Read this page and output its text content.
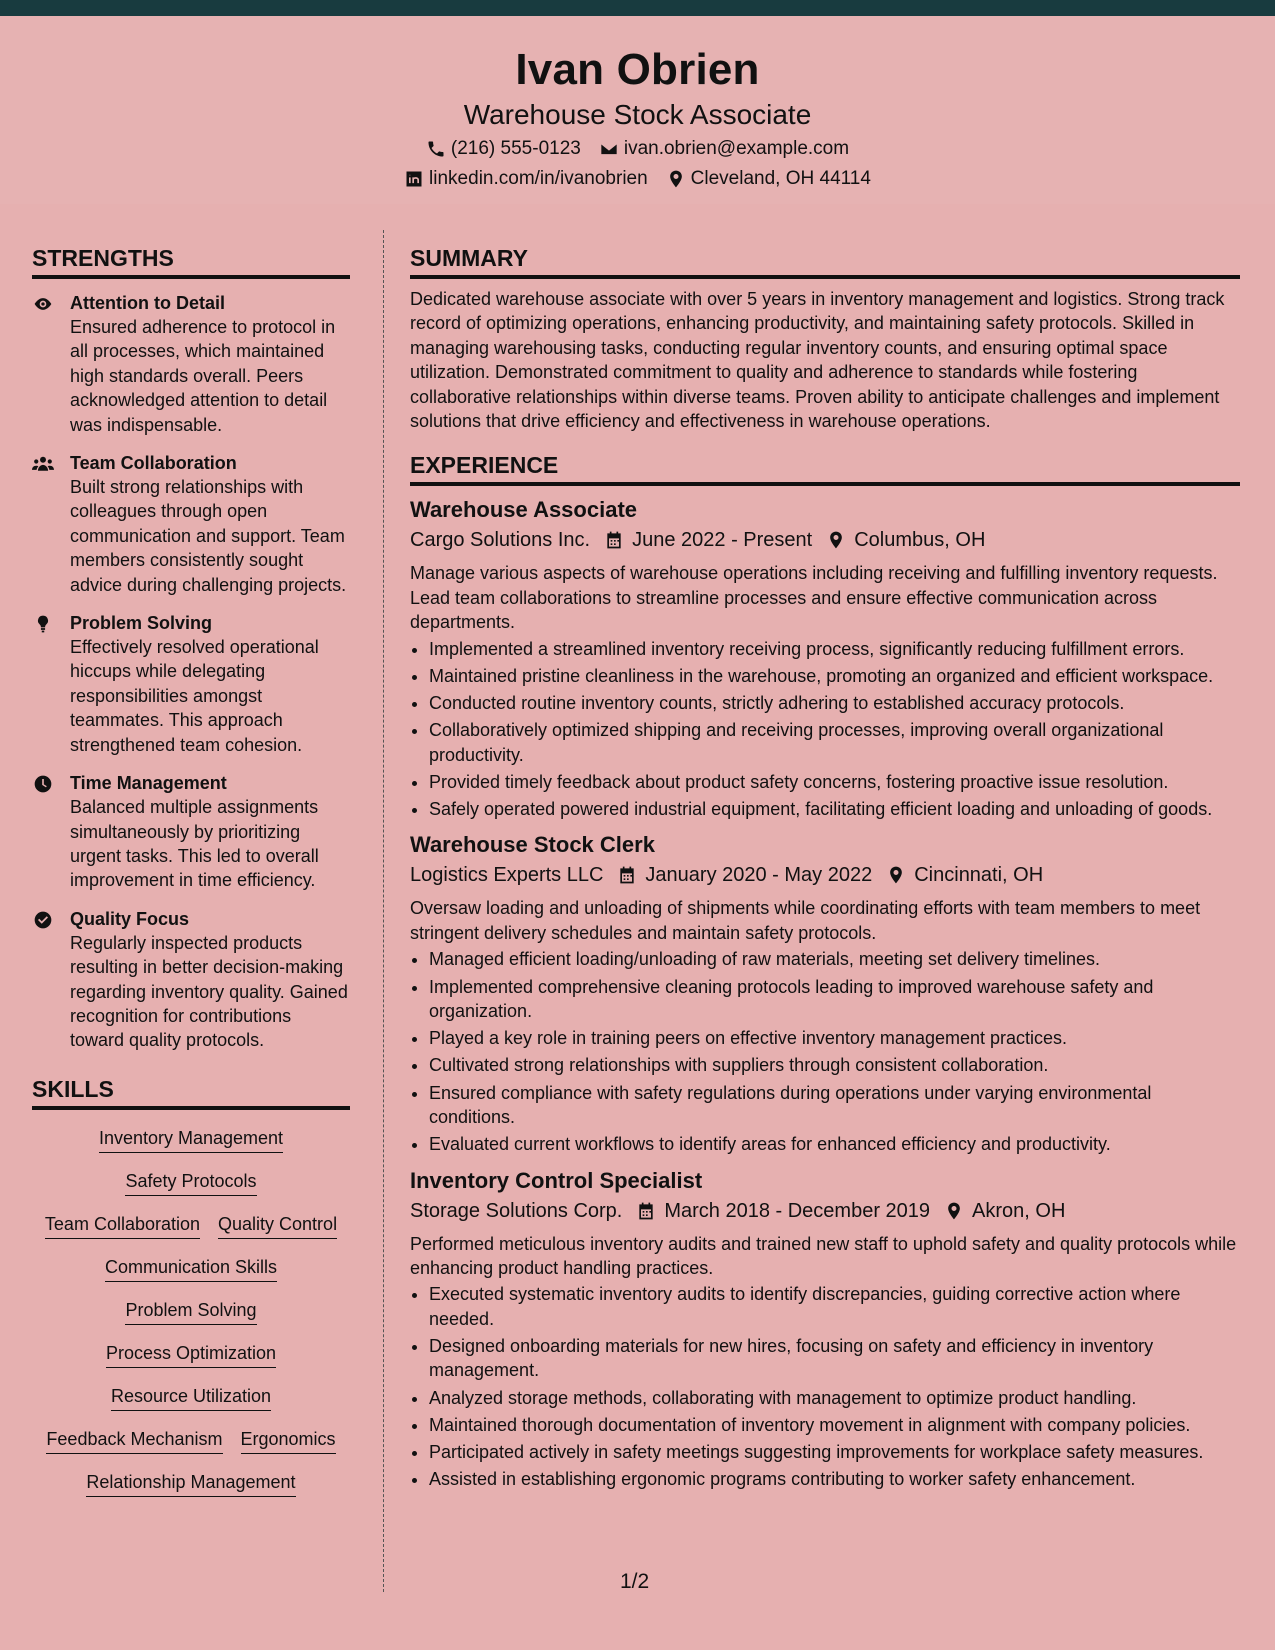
Ivan Obrien
Warehouse Stock Associate
(216) 555-0123 ivan.obrien@example.com
linkedin.com/in/ivanobrien Cleveland, OH 44114
STRENGTHS
Attention to Detail
Ensured adherence to protocol in all processes, which maintained high standards overall. Peers acknowledged attention to detail was indispensable.
Team Collaboration
Built strong relationships with colleagues through open communication and support. Team members consistently sought advice during challenging projects.
Problem Solving
Effectively resolved operational hiccups while delegating responsibilities amongst teammates. This approach strengthened team cohesion.
Time Management
Balanced multiple assignments simultaneously by prioritizing urgent tasks. This led to overall improvement in time efficiency.
Quality Focus
Regularly inspected products resulting in better decision-making regarding inventory quality. Gained recognition for contributions toward quality protocols.
SKILLS
Inventory Management
Safety Protocols
Team Collaboration Quality Control
Communication Skills
Problem Solving
Process Optimization
Resource Utilization
Feedback Mechanism Ergonomics
Relationship Management
SUMMARY
Dedicated warehouse associate with over 5 years in inventory management and logistics. Strong track record of optimizing operations, enhancing productivity, and maintaining safety protocols. Skilled in managing warehousing tasks, conducting regular inventory counts, and ensuring optimal space utilization. Demonstrated commitment to quality and adherence to standards while fostering collaborative relationships within diverse teams. Proven ability to anticipate challenges and implement solutions that drive efficiency and effectiveness in warehouse operations.
EXPERIENCE
Warehouse Associate
Cargo Solutions Inc. June 2022 - Present Columbus, OH
Manage various aspects of warehouse operations including receiving and fulfilling inventory requests. Lead team collaborations to streamline processes and ensure effective communication across departments.
• Implemented a streamlined inventory receiving process, significantly reducing fulfillment errors.
• Maintained pristine cleanliness in the warehouse, promoting an organized and efficient workspace.
• Conducted routine inventory counts, strictly adhering to established accuracy protocols.
• Collaboratively optimized shipping and receiving processes, improving overall organizational productivity.
• Provided timely feedback about product safety concerns, fostering proactive issue resolution.
• Safely operated powered industrial equipment, facilitating efficient loading and unloading of goods.
Warehouse Stock Clerk
Logistics Experts LLC January 2020 - May 2022 Cincinnati, OH
Oversaw loading and unloading of shipments while coordinating efforts with team members to meet stringent delivery schedules and maintain safety protocols.
• Managed efficient loading/unloading of raw materials, meeting set delivery timelines.
• Implemented comprehensive cleaning protocols leading to improved warehouse safety and organization.
• Played a key role in training peers on effective inventory management practices.
• Cultivated strong relationships with suppliers through consistent collaboration.
• Ensured compliance with safety regulations during operations under varying environmental conditions.
• Evaluated current workflows to identify areas for enhanced efficiency and productivity.
Inventory Control Specialist
Storage Solutions Corp. March 2018 - December 2019 Akron, OH
Performed meticulous inventory audits and trained new staff to uphold safety and quality protocols while enhancing product handling practices.
• Executed systematic inventory audits to identify discrepancies, guiding corrective action where needed.
• Designed onboarding materials for new hires, focusing on safety and efficiency in inventory management.
• Analyzed storage methods, collaborating with management to optimize product handling.
• Maintained thorough documentation of inventory movement in alignment with company policies.
• Participated actively in safety meetings suggesting improvements for workplace safety measures.
• Assisted in establishing ergonomic programs contributing to worker safety enhancement.
1/2
